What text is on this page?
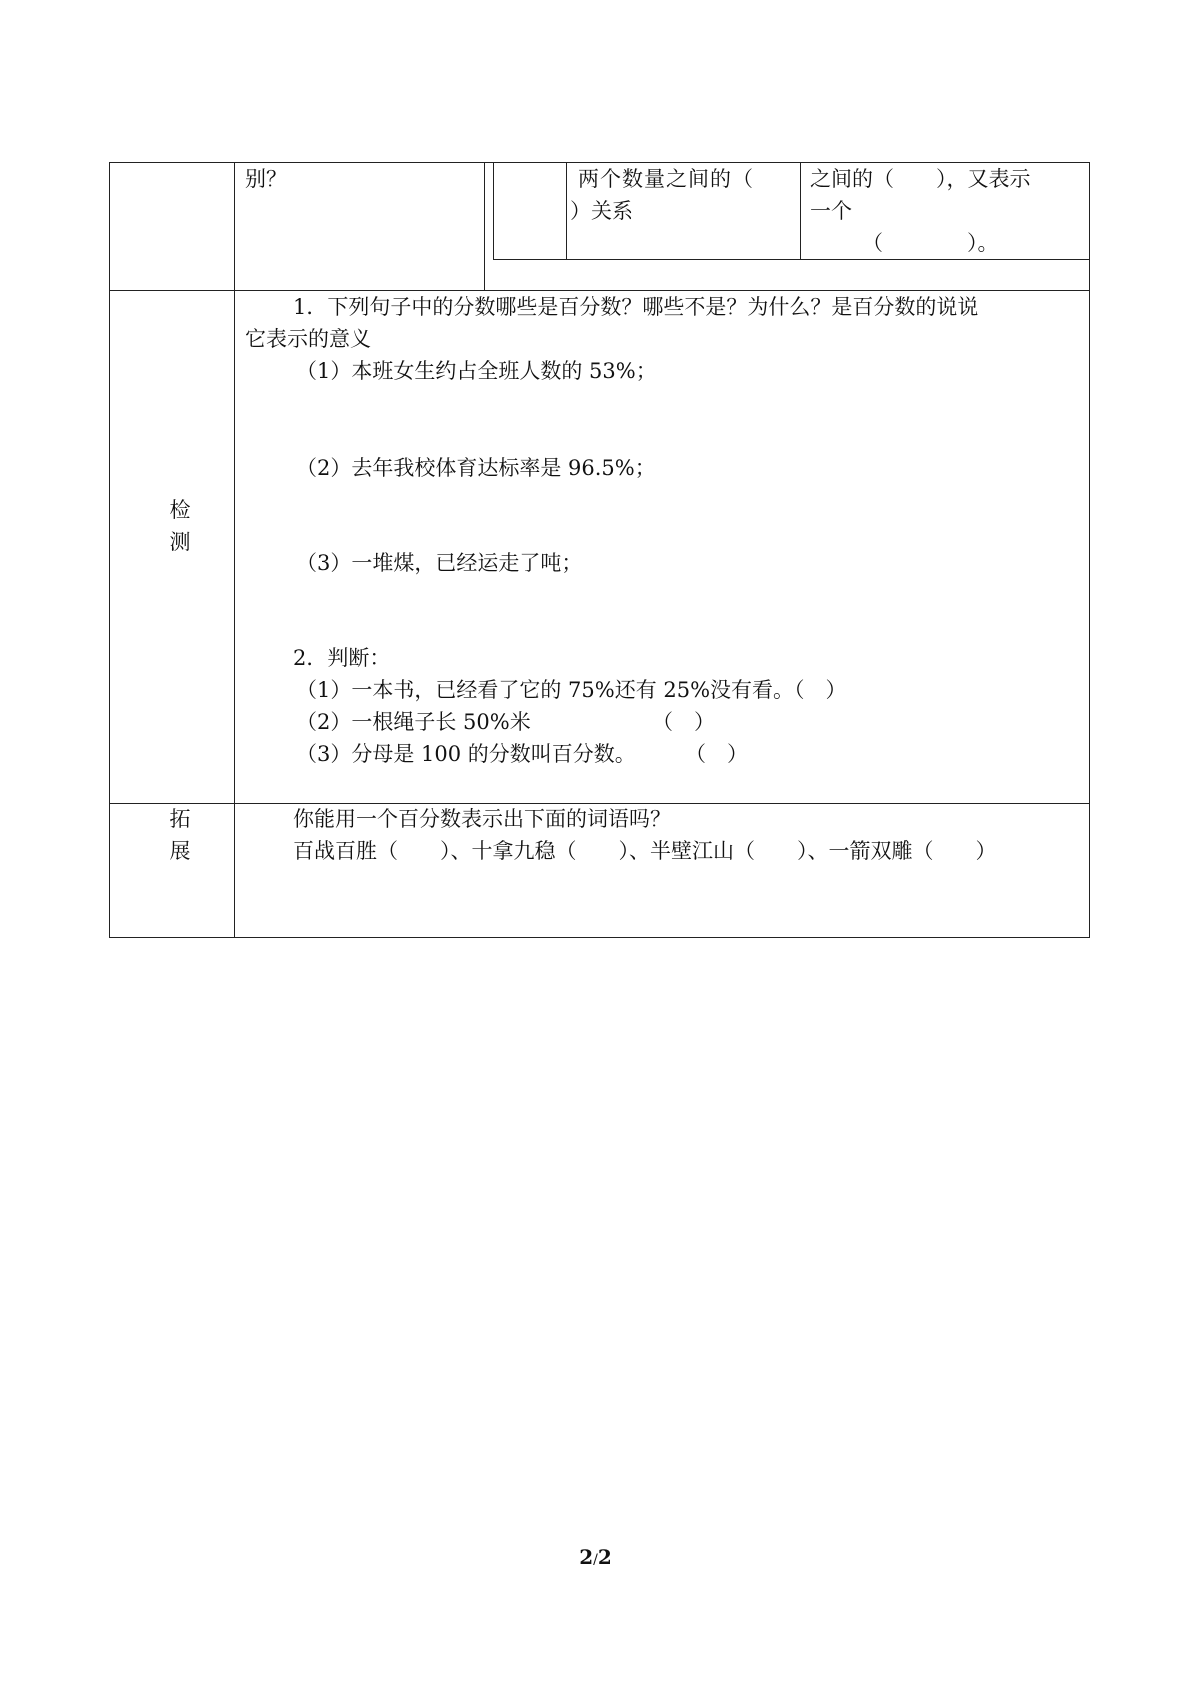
别？	两个数量之间的（
）关系
之间的（　　），又表示
一个
（　　　　）。
检
测
1．下列句子中的分数哪些是百分数？哪些不是？为什么？是百分数的说说
它表示的意义
（1）本班女生约占全班人数的 53%；
（2）去年我校体育达标率是 96.5%；
（3）一堆煤，已经运走了吨；
2．判断：
（1）一本书，已经看了它的 75%还有 25%没有看。（　）
（2）一根绳子长 50%米	（　）
（3）分母是 100 的分数叫百分数。 （　）
拓
展
你能用一个百分数表示出下面的词语吗？
百战百胜（　　）、十拿九稳（　　）、半壁江山（　　）、一箭双雕（　　）
2/2
